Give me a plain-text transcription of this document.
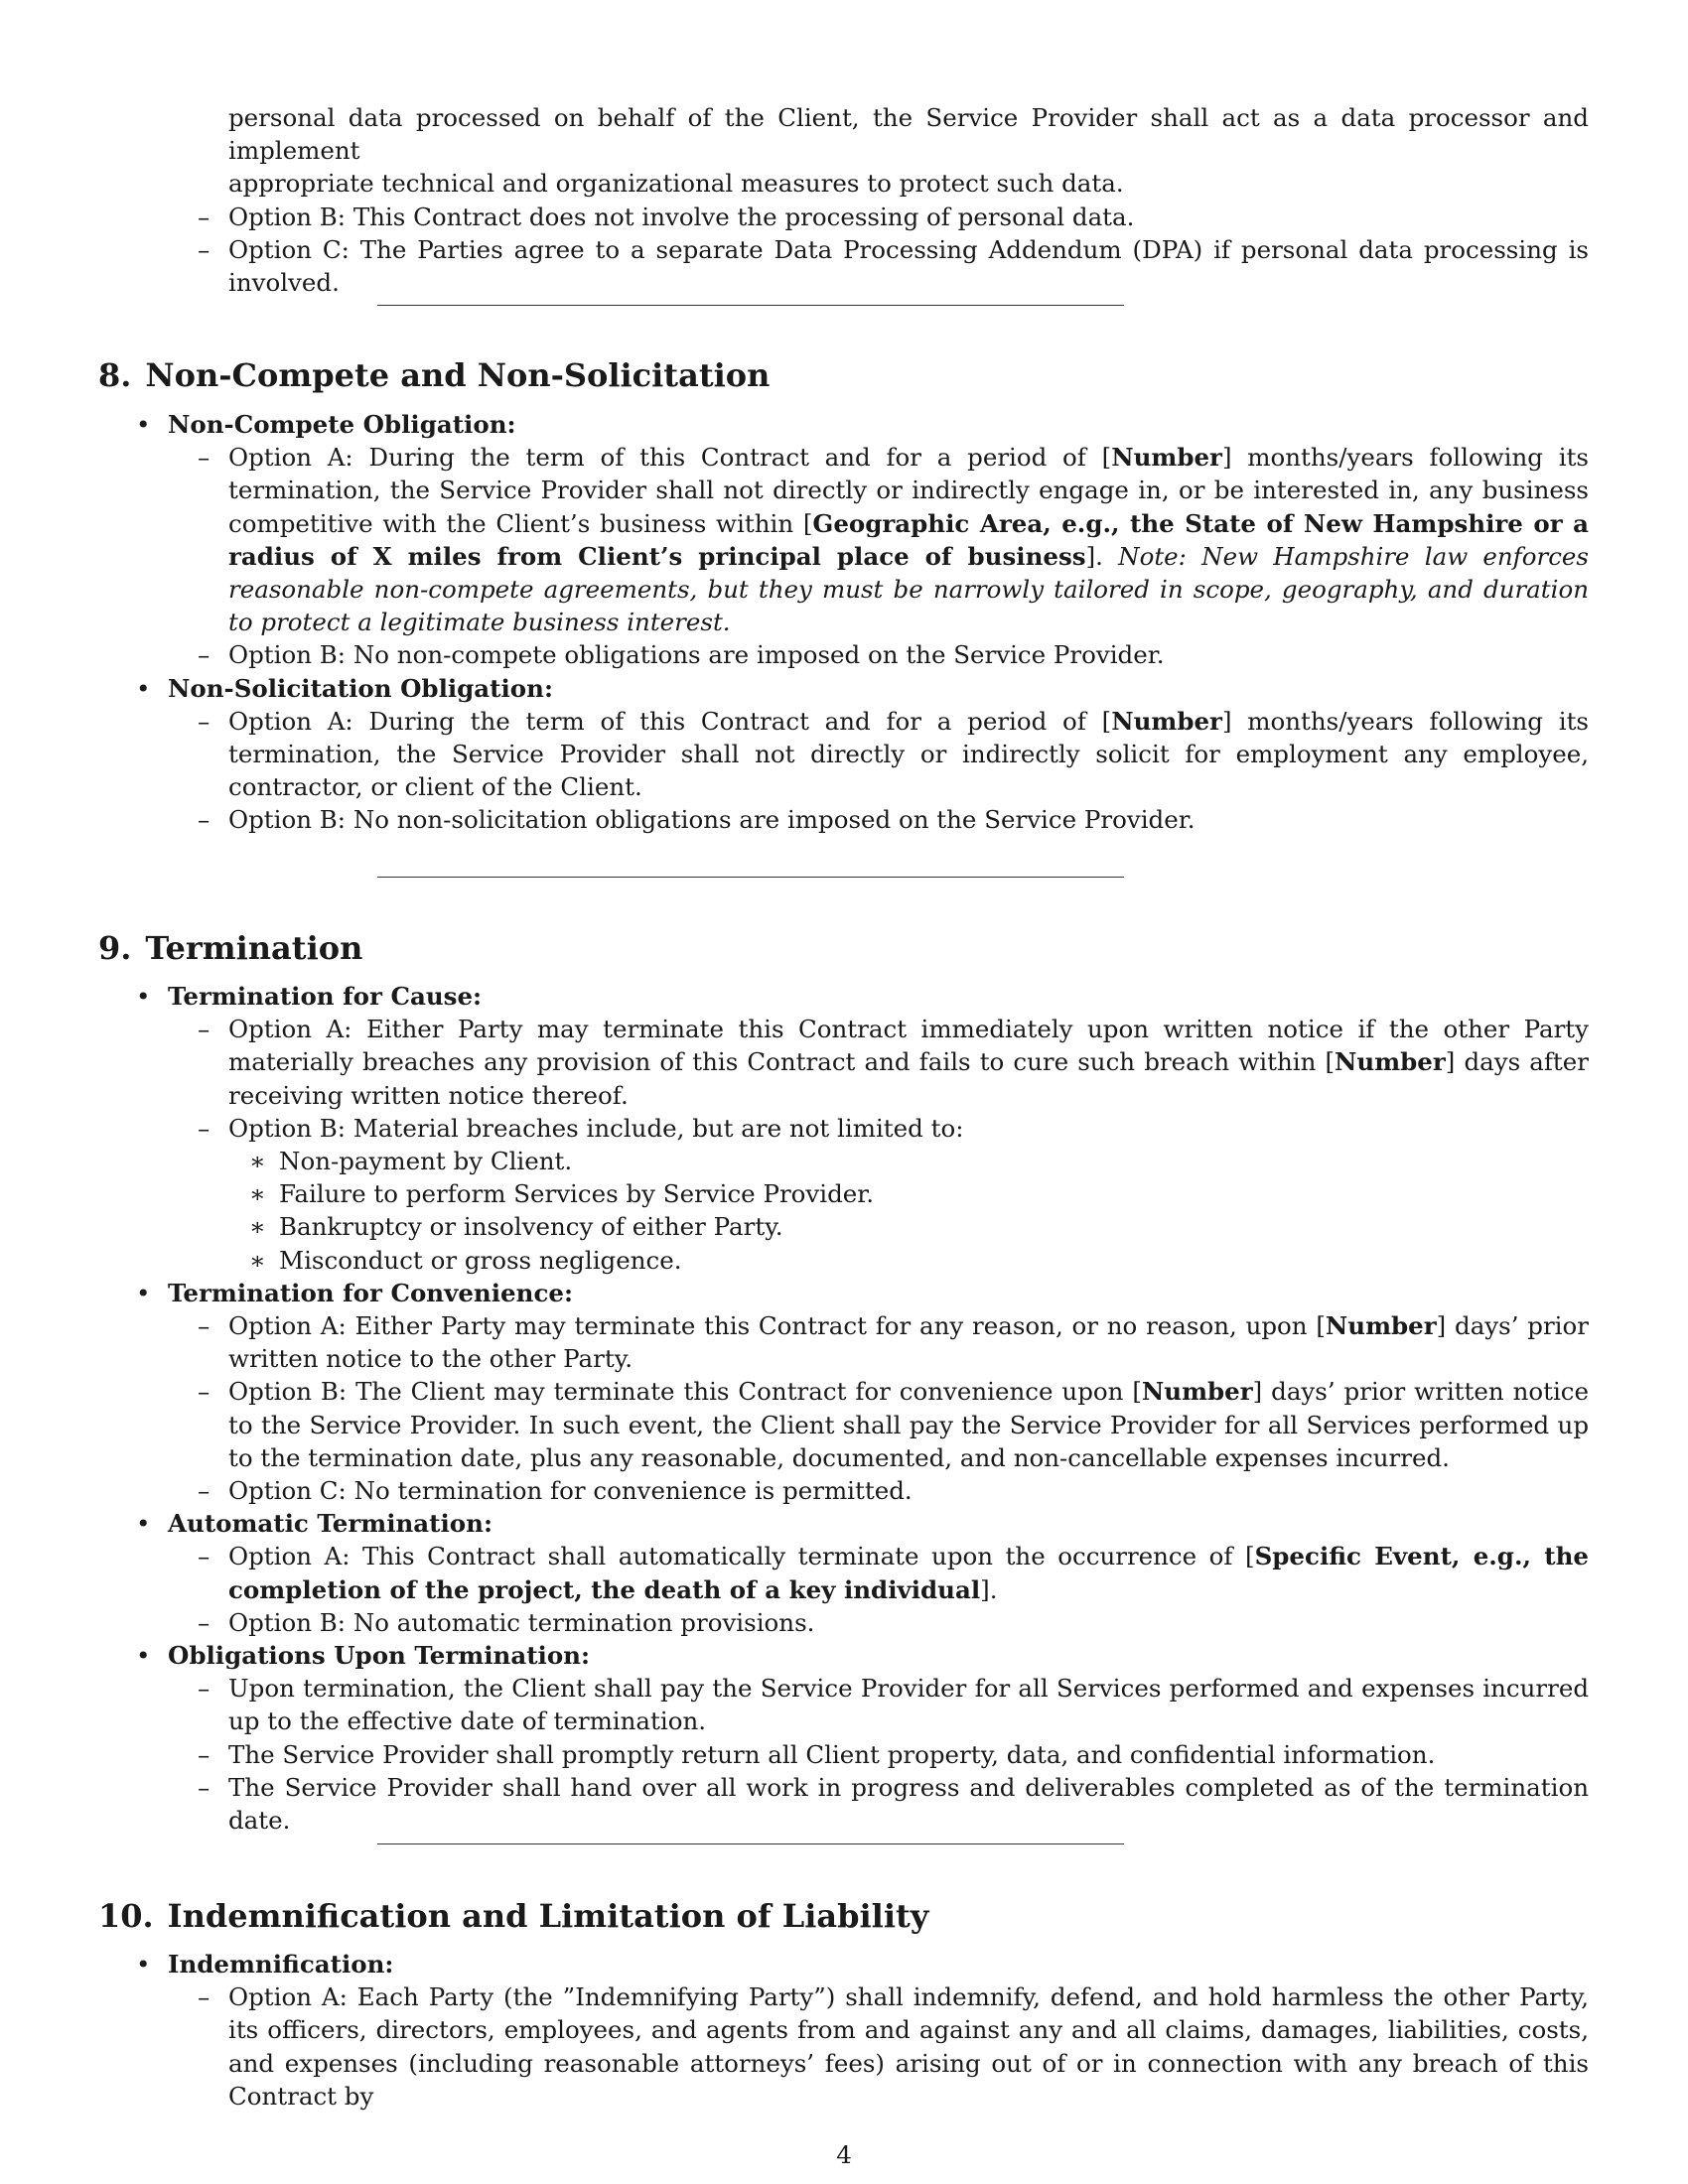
personal data processed on behalf of the Client, the Service Provider shall act as a data processor and implement
appropriate technical and organizational measures to protect such data.
– Option B: This Contract does not involve the processing of personal data.
– Option C: The Parties agree to a separate Data Processing Addendum (DPA) if personal data processing is involved.
8. Non-Compete and Non-Solicitation
• Non-Compete Obligation:
– Option A: During the term of this Contract and for a period of [Number] months/years following its termination, the Service Provider shall not directly or indirectly engage in, or be interested in, any business competitive with the Client’s business within [Geographic Area, e.g., the State of New Hampshire or a radius of X miles from Client’s principal place of business]. Note: New Hampshire law enforces reasonable non-compete agreements, but they must be narrowly tailored in scope, geography, and duration to protect a legitimate business interest.
– Option B: No non-compete obligations are imposed on the Service Provider.
• Non-Solicitation Obligation:
– Option A: During the term of this Contract and for a period of [Number] months/years following its termination, the Service Provider shall not directly or indirectly solicit for employment any employee, contractor, or client of the Client.
– Option B: No non-solicitation obligations are imposed on the Service Provider.
9. Termination
• Termination for Cause:
– Option A: Either Party may terminate this Contract immediately upon written notice if the other Party materially breaches any provision of this Contract and fails to cure such breach within [Number] days after receiving written notice thereof.
– Option B: Material breaches include, but are not limited to:
∗ Non-payment by Client.
∗ Failure to perform Services by Service Provider.
∗ Bankruptcy or insolvency of either Party.
∗ Misconduct or gross negligence.
• Termination for Convenience:
– Option A: Either Party may terminate this Contract for any reason, or no reason, upon [Number] days’ prior written notice to the other Party.
– Option B: The Client may terminate this Contract for convenience upon [Number] days’ prior written notice to the Service Provider. In such event, the Client shall pay the Service Provider for all Services performed up to the termination date, plus any reasonable, documented, and non-cancellable expenses incurred.
– Option C: No termination for convenience is permitted.
• Automatic Termination:
– Option A: This Contract shall automatically terminate upon the occurrence of [Specific Event, e.g., the completion of the project, the death of a key individual].
– Option B: No automatic termination provisions.
• Obligations Upon Termination:
– Upon termination, the Client shall pay the Service Provider for all Services performed and expenses incurred up to the effective date of termination.
– The Service Provider shall promptly return all Client property, data, and confidential information.
– The Service Provider shall hand over all work in progress and deliverables completed as of the termination date.
10. Indemnification and Limitation of Liability
• Indemnification:
– Option A: Each Party (the ”Indemnifying Party”) shall indemnify, defend, and hold harmless the other Party, its officers, directors, employees, and agents from and against any and all claims, damages, liabilities, costs, and expenses (including reasonable attorneys’ fees) arising out of or in connection with any breach of this Contract by
4
